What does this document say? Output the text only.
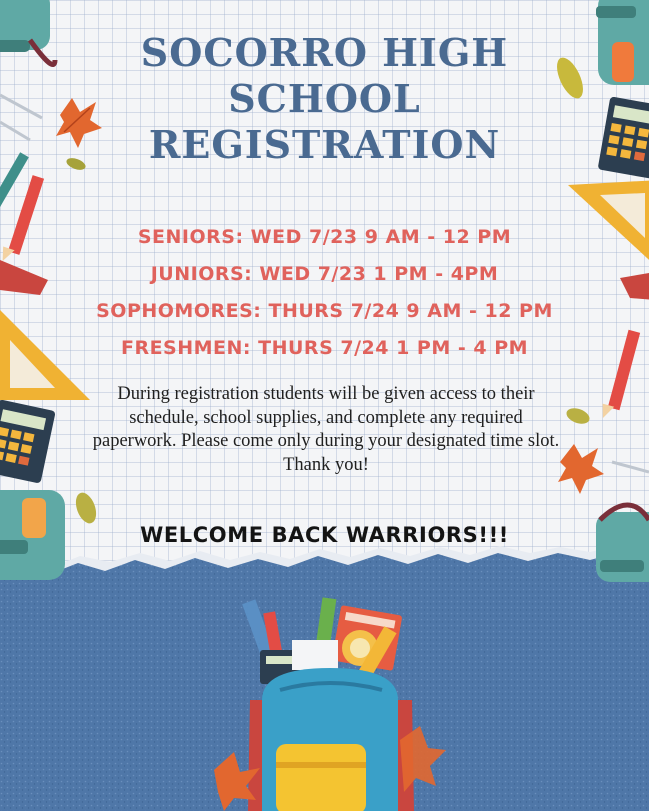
SOCORRO HIGH
SCHOOL
REGISTRATION
SENIORS: WED 7/23 9 AM - 12 PM
JUNIORS: WED 7/23 1 PM - 4PM
SOPHOMORES: THURS 7/24 9 AM - 12 PM
FRESHMEN: THURS 7/24 1 PM - 4 PM

During registration students will be given access to their schedule, school supplies, and complete any required paperwork. Please come only during your designated time slot. Thank you!

WELCOME BACK WARRIORS!!!
